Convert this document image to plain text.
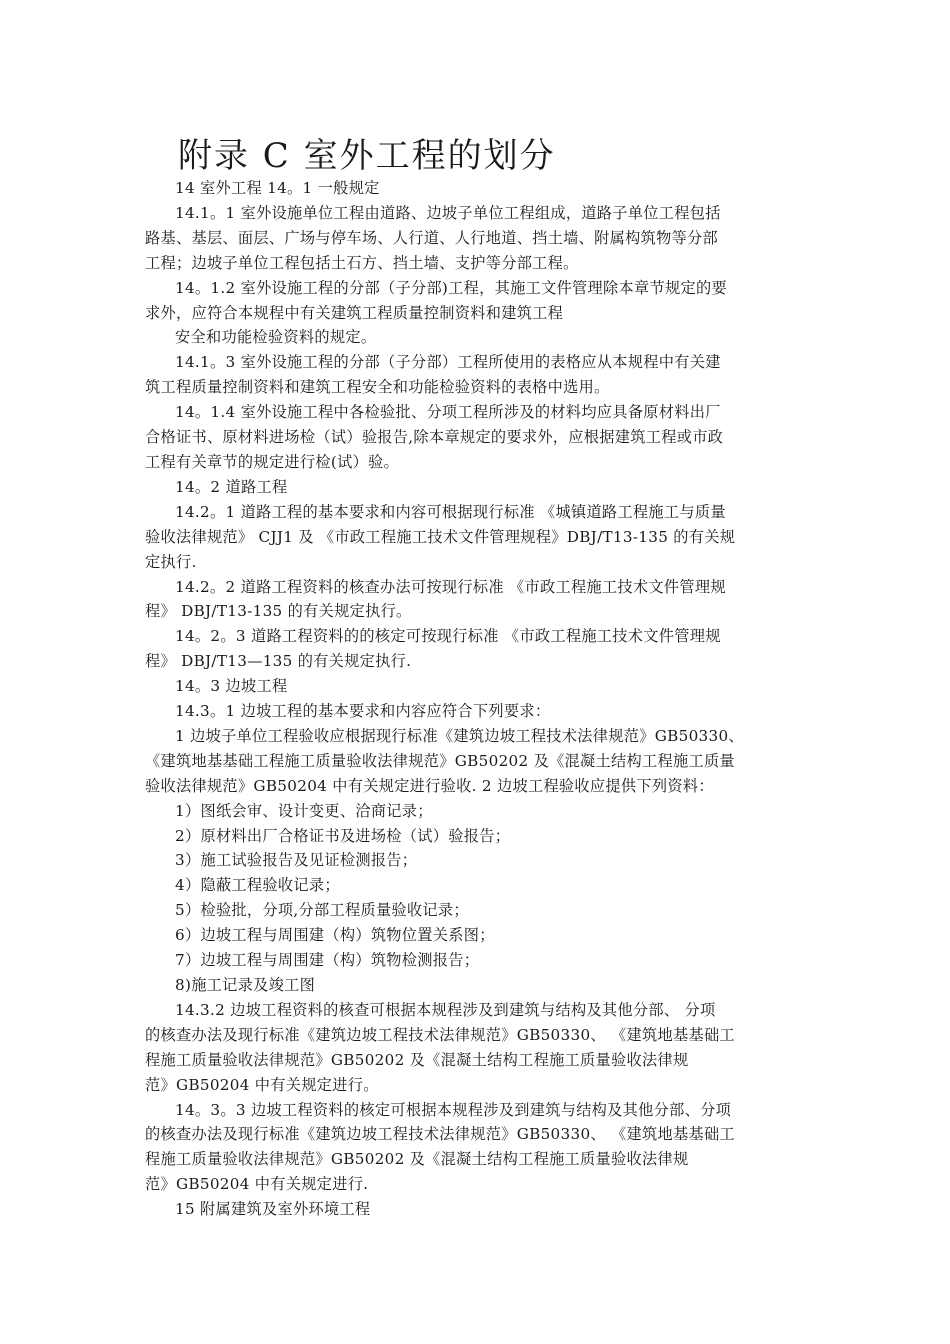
附录 C 室外工程的划分

14 室外工程 14。1 一般规定

14.1。1 室外设施单位工程由道路、边坡子单位工程组成，道路子单位工程包括

路基、基层、面层、广场与停车场、人行道、人行地道、挡土墙、附属构筑物等分部

工程；边坡子单位工程包括土石方、挡土墙、支护等分部工程。

14。1.2 室外设施工程的分部（子分部)工程，其施工文件管理除本章节规定的要

求外，应符合本规程中有关建筑工程质量控制资料和建筑工程

安全和功能检验资料的规定。

14.1。3 室外设施工程的分部（子分部）工程所使用的表格应从本规程中有关建

筑工程质量控制资料和建筑工程安全和功能检验资料的表格中选用。

14。1.4 室外设施工程中各检验批、分项工程所涉及的材料均应具备原材料出厂

合格证书、原材料进场检（试）验报告,除本章规定的要求外，应根据建筑工程或市政

工程有关章节的规定进行检(试）验。

14。2 道路工程

14.2。1 道路工程的基本要求和内容可根据现行标准 《城镇道路工程施工与质量

验收法律规范》 CJJ1 及 《市政工程施工技术文件管理规程》DBJ/T13-135 的有关规

定执行.

14.2。2 道路工程资料的核查办法可按现行标准 《市政工程施工技术文件管理规

程》 DBJ/T13-135 的有关规定执行。

14。2。3 道路工程资料的的核定可按现行标准 《市政工程施工技术文件管理规

程》 DBJ/T13—135 的有关规定执行.

14。3 边坡工程

14.3。1 边坡工程的基本要求和内容应符合下列要求：

1 边坡子单位工程验收应根据现行标准《建筑边坡工程技术法律规范》GB50330、

《建筑地基基础工程施工质量验收法律规范》GB50202 及《混凝土结构工程施工质量

验收法律规范》GB50204 中有关规定进行验收. 2 边坡工程验收应提供下列资料：

1）图纸会审、设计变更、洽商记录；

2）原材料出厂合格证书及进场检（试）验报告；

3）施工试验报告及见证检测报告；

4）隐蔽工程验收记录；

5）检验批，分项,分部工程质量验收记录；

6）边坡工程与周围建（构）筑物位置关系图；

7）边坡工程与周围建（构）筑物检测报告；

8)施工记录及竣工图

14.3.2 边坡工程资料的核查可根据本规程涉及到建筑与结构及其他分部、 分项

的核查办法及现行标准《建筑边坡工程技术法律规范》GB50330、 《建筑地基基础工

程施工质量验收法律规范》GB50202 及《混凝土结构工程施工质量验收法律规

范》GB50204 中有关规定进行。

14。3。3 边坡工程资料的核定可根据本规程涉及到建筑与结构及其他分部、分项

的核查办法及现行标准《建筑边坡工程技术法律规范》GB50330、 《建筑地基基础工

程施工质量验收法律规范》GB50202 及《混凝土结构工程施工质量验收法律规

范》GB50204 中有关规定进行.

15 附属建筑及室外环境工程
